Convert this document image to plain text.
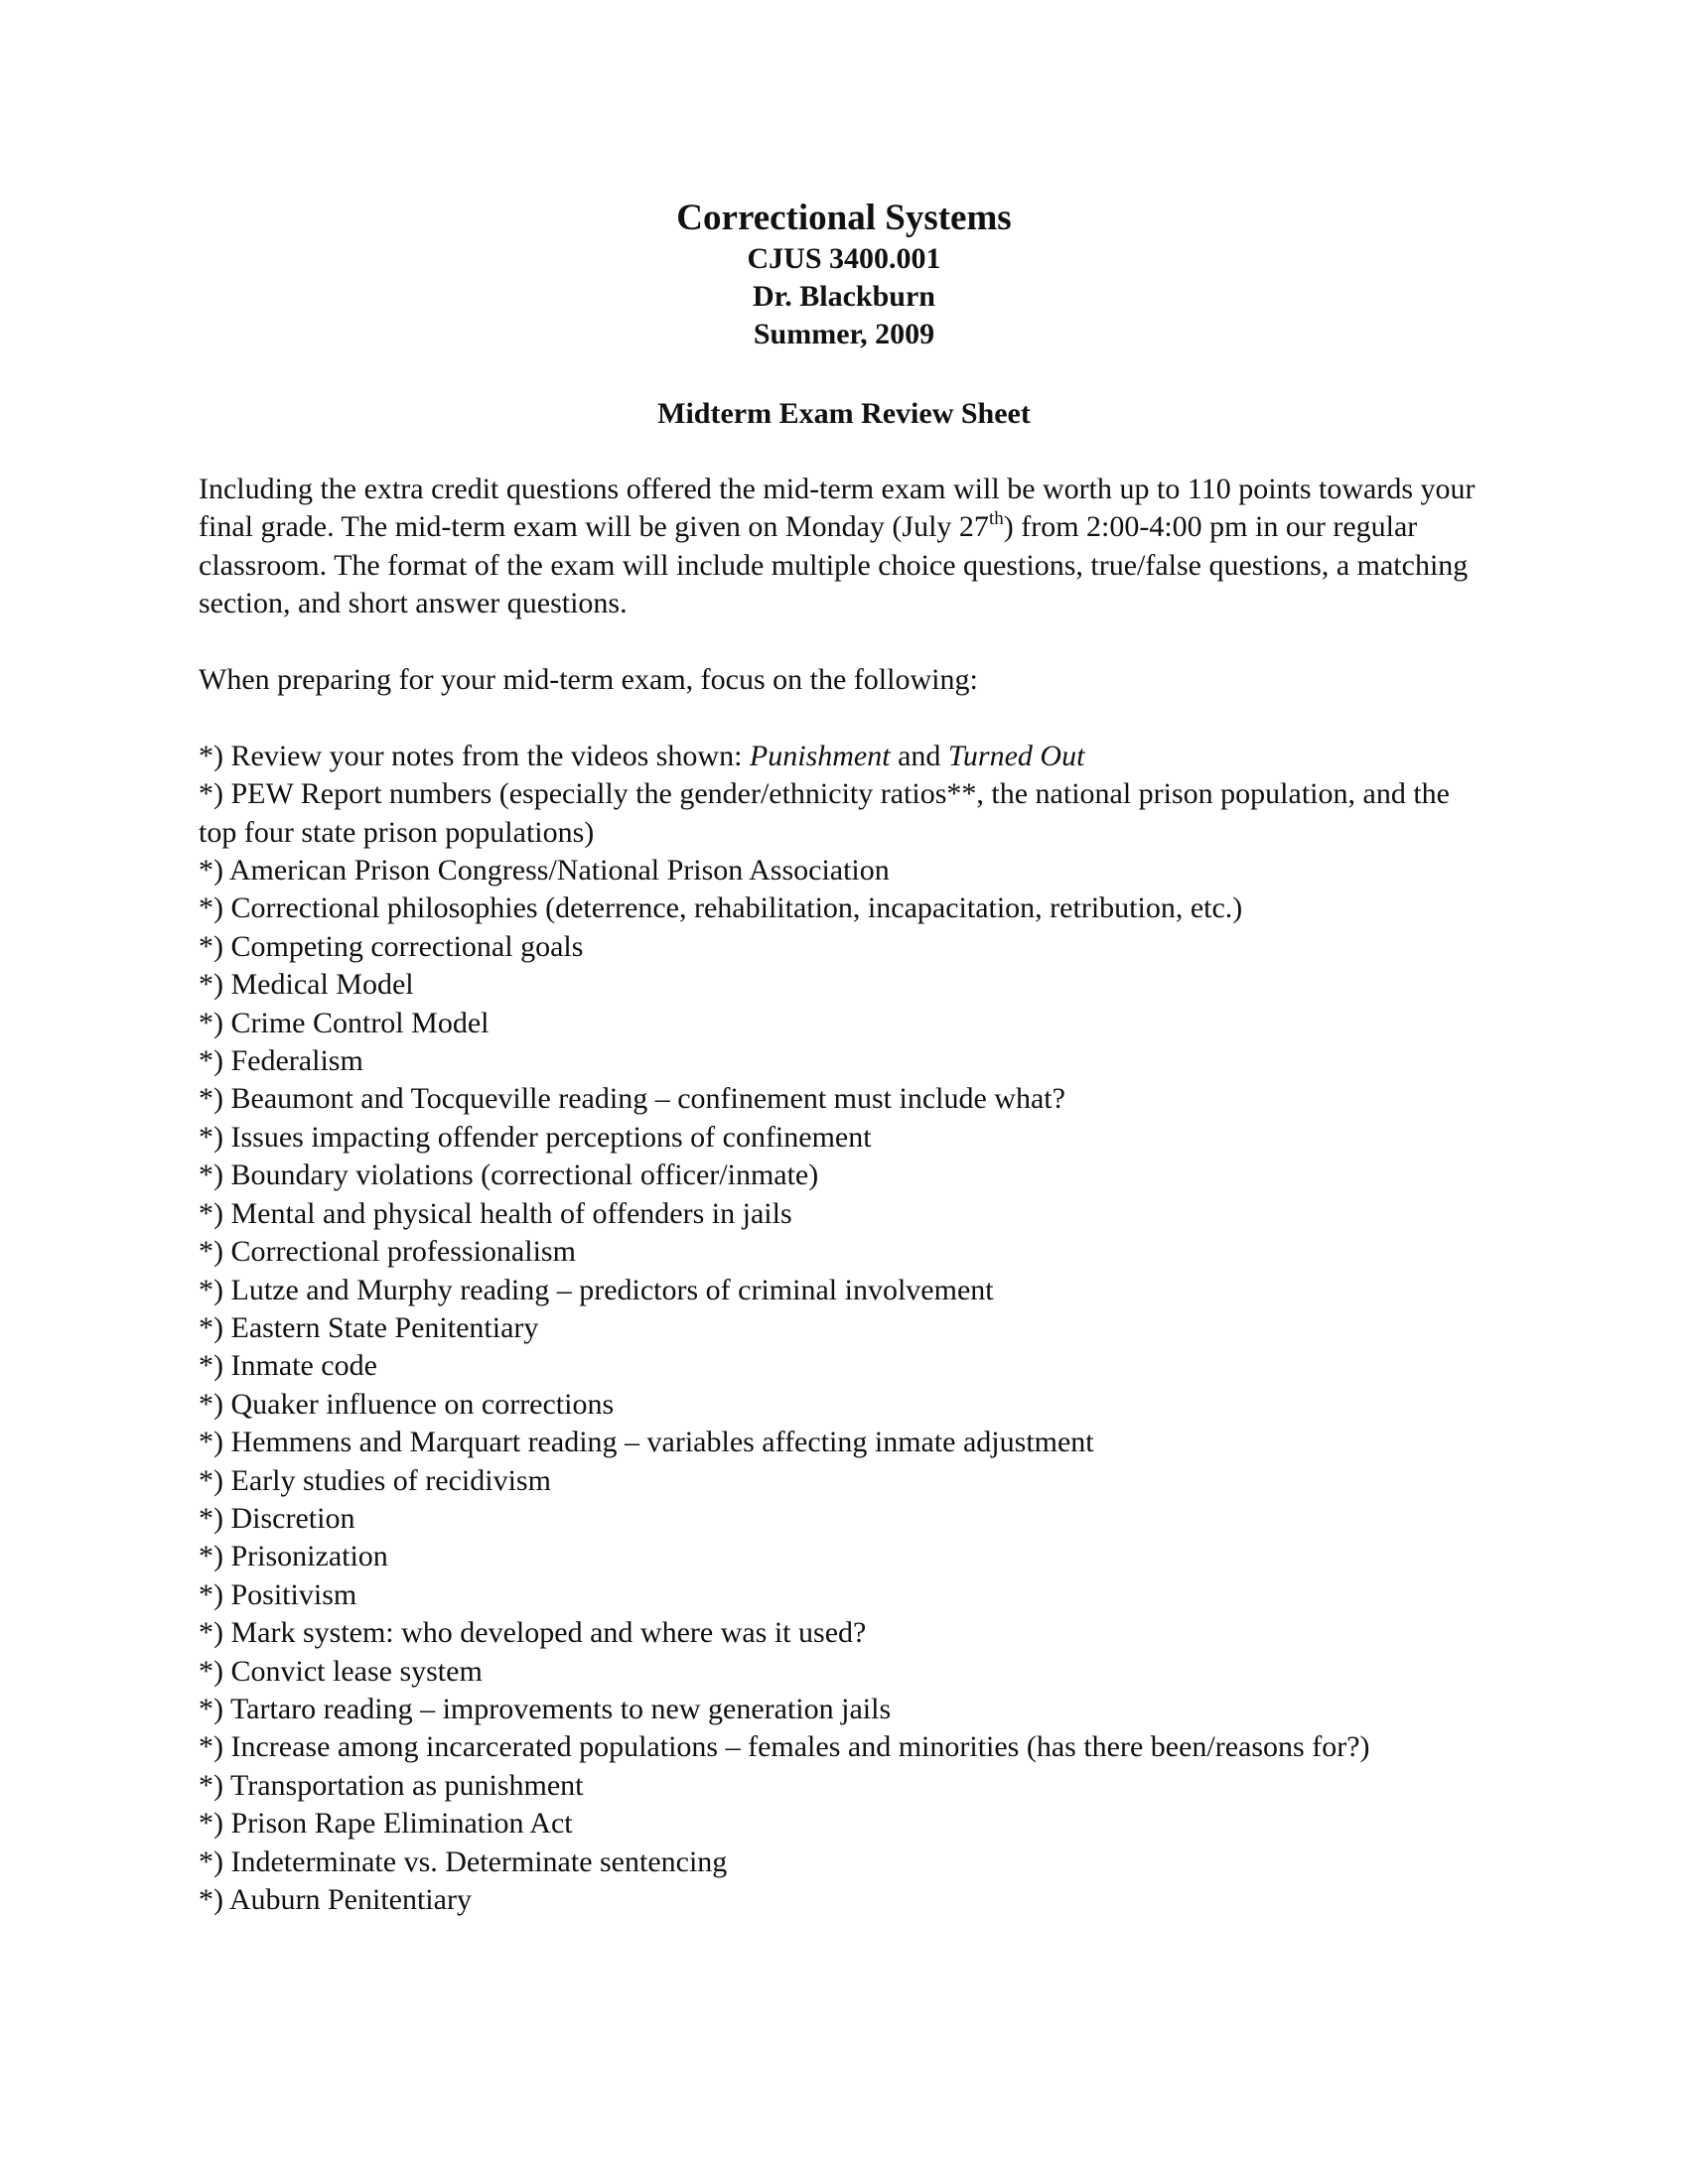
Correctional Systems

CJUS 3400.001

Dr. Blackburn

Summer, 2009

Midterm Exam Review Sheet

Including the extra credit questions offered the mid-term exam will be worth up to 110 points towards your final grade. The mid-term exam will be given on Monday (July 27th) from 2:00-4:00 pm in our regular classroom. The format of the exam will include multiple choice questions, true/false questions, a matching section, and short answer questions.

When preparing for your mid-term exam, focus on the following:

*) Review your notes from the videos shown: Punishment and Turned Out
*) PEW Report numbers (especially the gender/ethnicity ratios**, the national prison population, and the top four state prison populations)
*) American Prison Congress/National Prison Association
*) Correctional philosophies (deterrence, rehabilitation, incapacitation, retribution, etc.)
*) Competing correctional goals
*) Medical Model
*) Crime Control Model
*) Federalism
*) Beaumont and Tocqueville reading – confinement must include what?
*) Issues impacting offender perceptions of confinement
*) Boundary violations (correctional officer/inmate)
*) Mental and physical health of offenders in jails
*) Correctional professionalism
*) Lutze and Murphy reading – predictors of criminal involvement
*) Eastern State Penitentiary
*) Inmate code
*) Quaker influence on corrections
*) Hemmens and Marquart reading – variables affecting inmate adjustment
*) Early studies of recidivism
*) Discretion
*) Prisonization
*) Positivism
*) Mark system: who developed and where was it used?
*) Convict lease system
*) Tartaro reading – improvements to new generation jails
*) Increase among incarcerated populations – females and minorities (has there been/reasons for?)
*) Transportation as punishment
*) Prison Rape Elimination Act
*) Indeterminate vs. Determinate sentencing
*) Auburn Penitentiary
